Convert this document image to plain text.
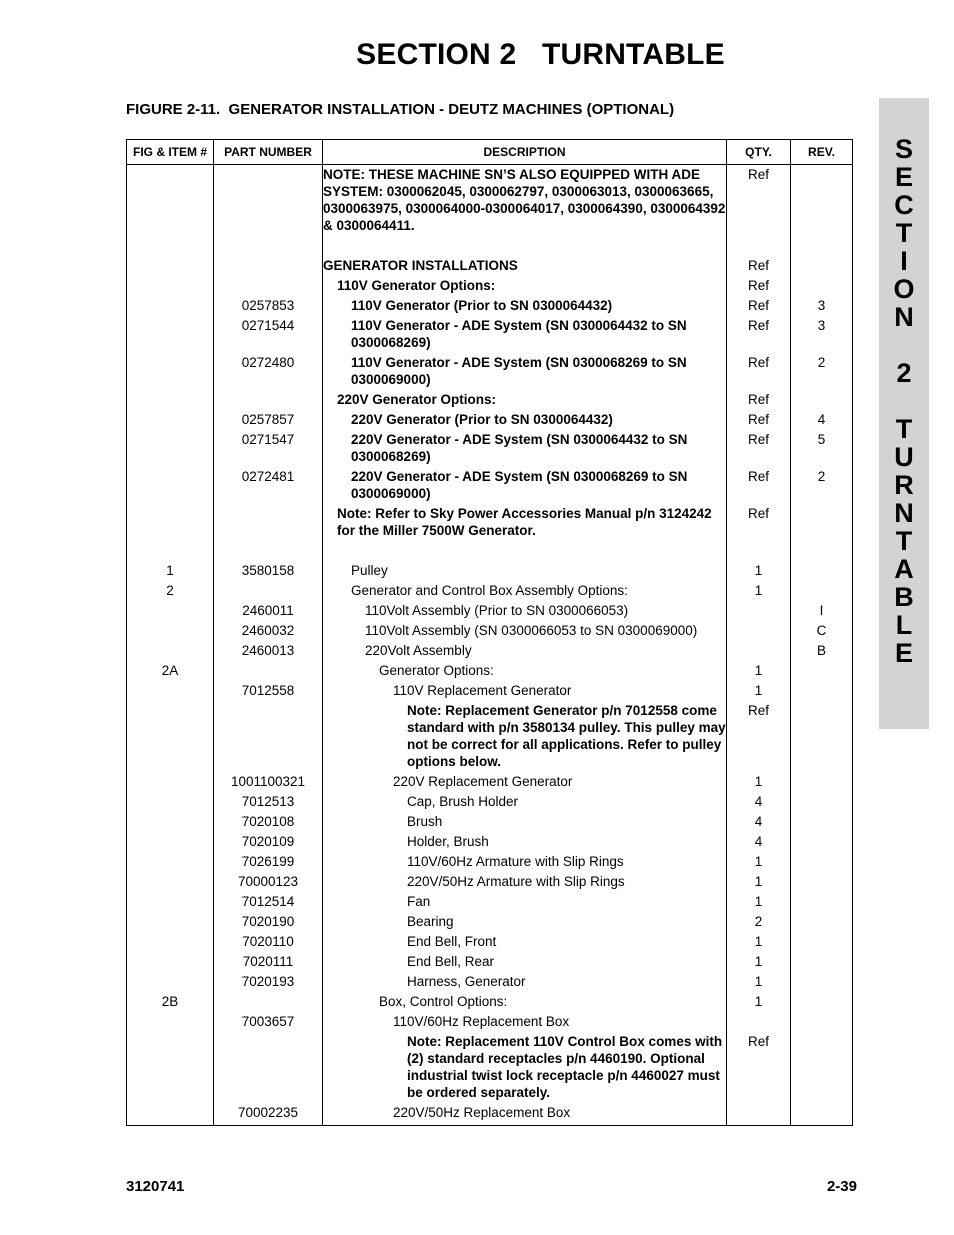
SECTION 2   TURNTABLE
FIGURE 2-11.  GENERATOR INSTALLATION - DEUTZ MACHINES (OPTIONAL)
S
E
C
T
I
O
N
2
T
U
R
N
T
A
B
L
E
FIG & ITEM #	PART NUMBER	DESCRIPTION	QTY.	REV.
		NOTE: THESE MACHINE SN’S ALSO EQUIPPED WITH ADE SYSTEM: 0300062045, 0300062797, 0300063013, 0300063665, 0300063975, 0300064000-0300064017, 0300064390, 0300064392 & 0300064411.	Ref	
		GENERATOR INSTALLATIONS	Ref	

		110V Generator Options:	Ref	
	0257853	110V Generator (Prior to SN 0300064432)	Ref	3
	0271544	110V Generator - ADE System (SN 0300064432 to SN 0300068269)	Ref	3
	0272480	110V Generator - ADE System (SN 0300068269 to SN 0300069000)	Ref	2

		220V Generator Options:	Ref	
	0257857	220V Generator (Prior to SN 0300064432)	Ref	4
	0271547	220V Generator - ADE System (SN 0300064432 to SN 0300068269)	Ref	5
	0272481	220V Generator - ADE System (SN 0300068269 to SN 0300069000)	Ref	2

		Note: Refer to Sky Power Accessories Manual p/n 3124242 for the Miller 7500W Generator.	Ref	
1	3580158	Pulley	1	
2		Generator and Control Box Assembly Options:	1	
	2460011	110Volt Assembly (Prior to SN 0300066053)		I
	2460032	110Volt Assembly (SN 0300066053 to SN 0300069000)		C
	2460013	220Volt Assembly		B
2A		Generator Options:	1	
	7012558	110V Replacement Generator	1	

		Note: Replacement Generator p/n 7012558 come standard with p/n 3580134 pulley. This pulley may not be correct for all applications. Refer to pulley options below.	Ref	
	1001100321	220V Replacement Generator	1	
	7012513	Cap, Brush Holder	4	
	7020108	Brush	4	
	7020109	Holder, Brush	4	
	7026199	110V/60Hz Armature with Slip Rings	1	
	70000123	220V/50Hz Armature with Slip Rings	1	
	7012514	Fan	1	
	7020190	Bearing	2	
	7020110	End Bell, Front	1	
	7020111	End Bell, Rear	1	
	7020193	Harness, Generator	1	
2B		Box, Control Options:	1	
	7003657	110V/60Hz Replacement Box		

		Note: Replacement 110V Control Box comes with (2) standard receptacles p/n 4460190. Optional industrial twist lock receptacle p/n 4460027 must be ordered separately.	Ref	
	70002235	220V/50Hz Replacement Box		

3120741	2-39
